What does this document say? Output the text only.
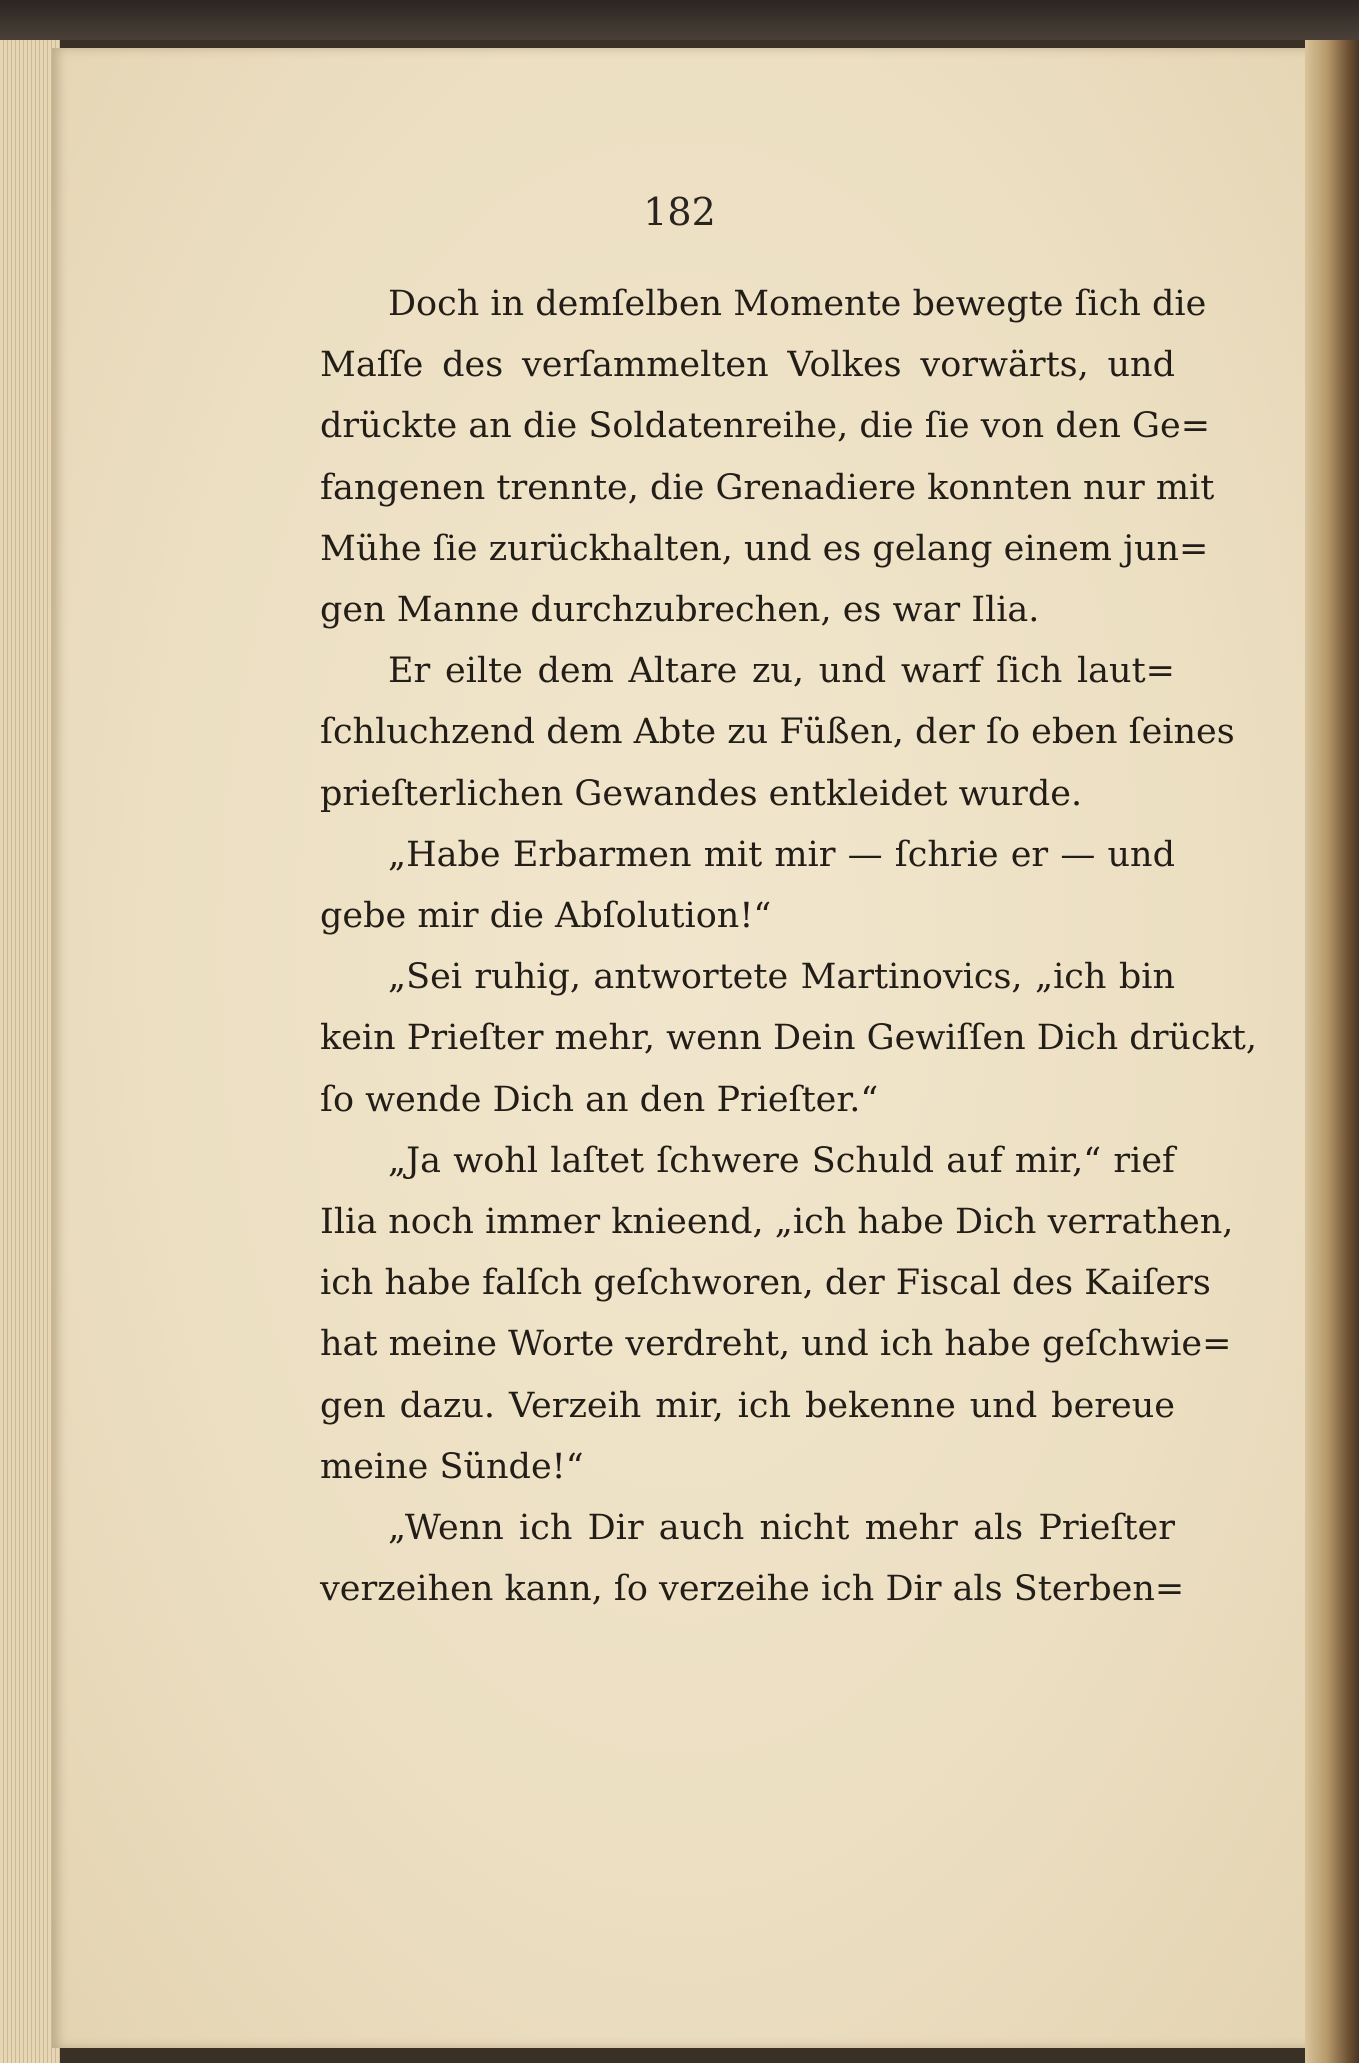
182
Doch in demſelben Momente bewegte ſich die
Maſſe des verſammelten Volkes vorwärts, und
drückte an die Soldatenreihe, die ſie von den Ge=
fangenen trennte, die Grenadiere konnten nur mit
Mühe ſie zurückhalten, und es gelang einem jun=
gen Manne durchzubrechen, es war Ilia.
Er eilte dem Altare zu, und warf ſich laut=
ſchluchzend dem Abte zu Füßen, der ſo eben ſeines
prieſterlichen Gewandes entkleidet wurde.
„Habe Erbarmen mit mir — ſchrie er — und
gebe mir die Abſolution!“
„Sei ruhig, antwortete Martinovics, „ich bin
kein Prieſter mehr, wenn Dein Gewiſſen Dich drückt,
ſo wende Dich an den Prieſter.“
„Ja wohl laſtet ſchwere Schuld auf mir,“ rief
Ilia noch immer knieend, „ich habe Dich verrathen,
ich habe falſch geſchworen, der Fiscal des Kaiſers
hat meine Worte verdreht, und ich habe geſchwie=
gen dazu. Verzeih mir, ich bekenne und bereue
meine Sünde!“
„Wenn ich Dir auch nicht mehr als Prieſter
verzeihen kann, ſo verzeihe ich Dir als Sterben=
